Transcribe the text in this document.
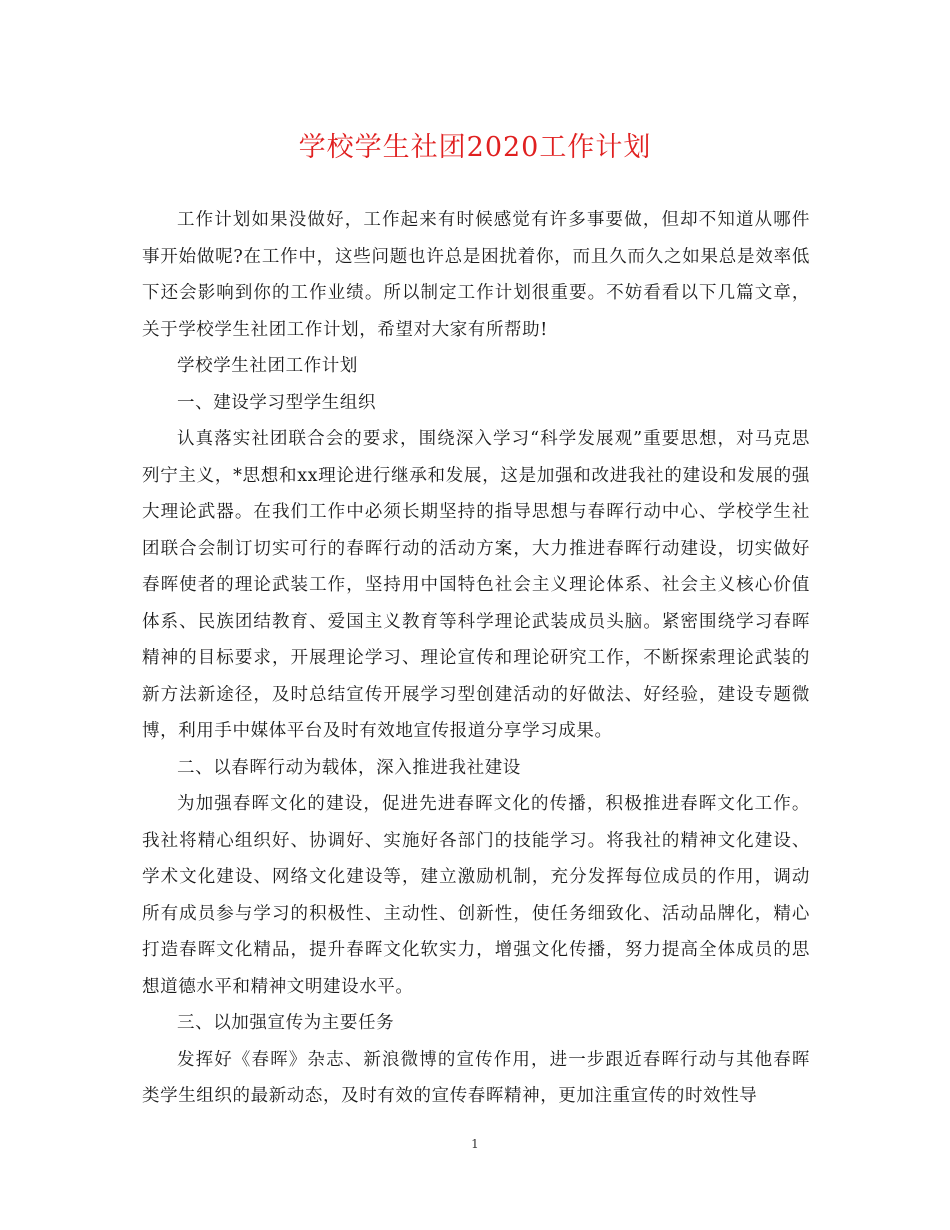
学校学生社团2020工作计划

工作计划如果没做好，工作起来有时候感觉有许多事要做，但却不知道从哪件事开始做呢?在工作中，这些问题也许总是困扰着你，而且久而久之如果总是效率低下还会影响到你的工作业绩。所以制定工作计划很重要。不妨看看以下几篇文章，关于学校学生社团工作计划，希望对大家有所帮助!

学校学生社团工作计划

一、建设学习型学生组织

认真落实社团联合会的要求，围绕深入学习“科学发展观”重要思想，对马克思列宁主义，*思想和xx理论进行继承和发展，这是加强和改进我社的建设和发展的强大理论武器。在我们工作中必须长期坚持的指导思想与春晖行动中心、学校学生社团联合会制订切实可行的春晖行动的活动方案，大力推进春晖行动建设，切实做好春晖使者的理论武装工作，坚持用中国特色社会主义理论体系、社会主义核心价值体系、民族团结教育、爱国主义教育等科学理论武装成员头脑。紧密围绕学习春晖精神的目标要求，开展理论学习、理论宣传和理论研究工作，不断探索理论武装的新方法新途径，及时总结宣传开展学习型创建活动的好做法、好经验，建设专题微博，利用手中媒体平台及时有效地宣传报道分享学习成果。

二、以春晖行动为载体，深入推进我社建设

为加强春晖文化的建设，促进先进春晖文化的传播，积极推进春晖文化工作。我社将精心组织好、协调好、实施好各部门的技能学习。将我社的精神文化建设、学术文化建设、网络文化建设等，建立激励机制，充分发挥每位成员的作用，调动所有成员参与学习的积极性、主动性、创新性，使任务细致化、活动品牌化，精心打造春晖文化精品，提升春晖文化软实力，增强文化传播，努力提高全体成员的思想道德水平和精神文明建设水平。

三、以加强宣传为主要任务

发挥好《春晖》杂志、新浪微博的宣传作用，进一步跟近春晖行动与其他春晖类学生组织的最新动态，及时有效的宣传春晖精神，更加注重宣传的时效性导

1
